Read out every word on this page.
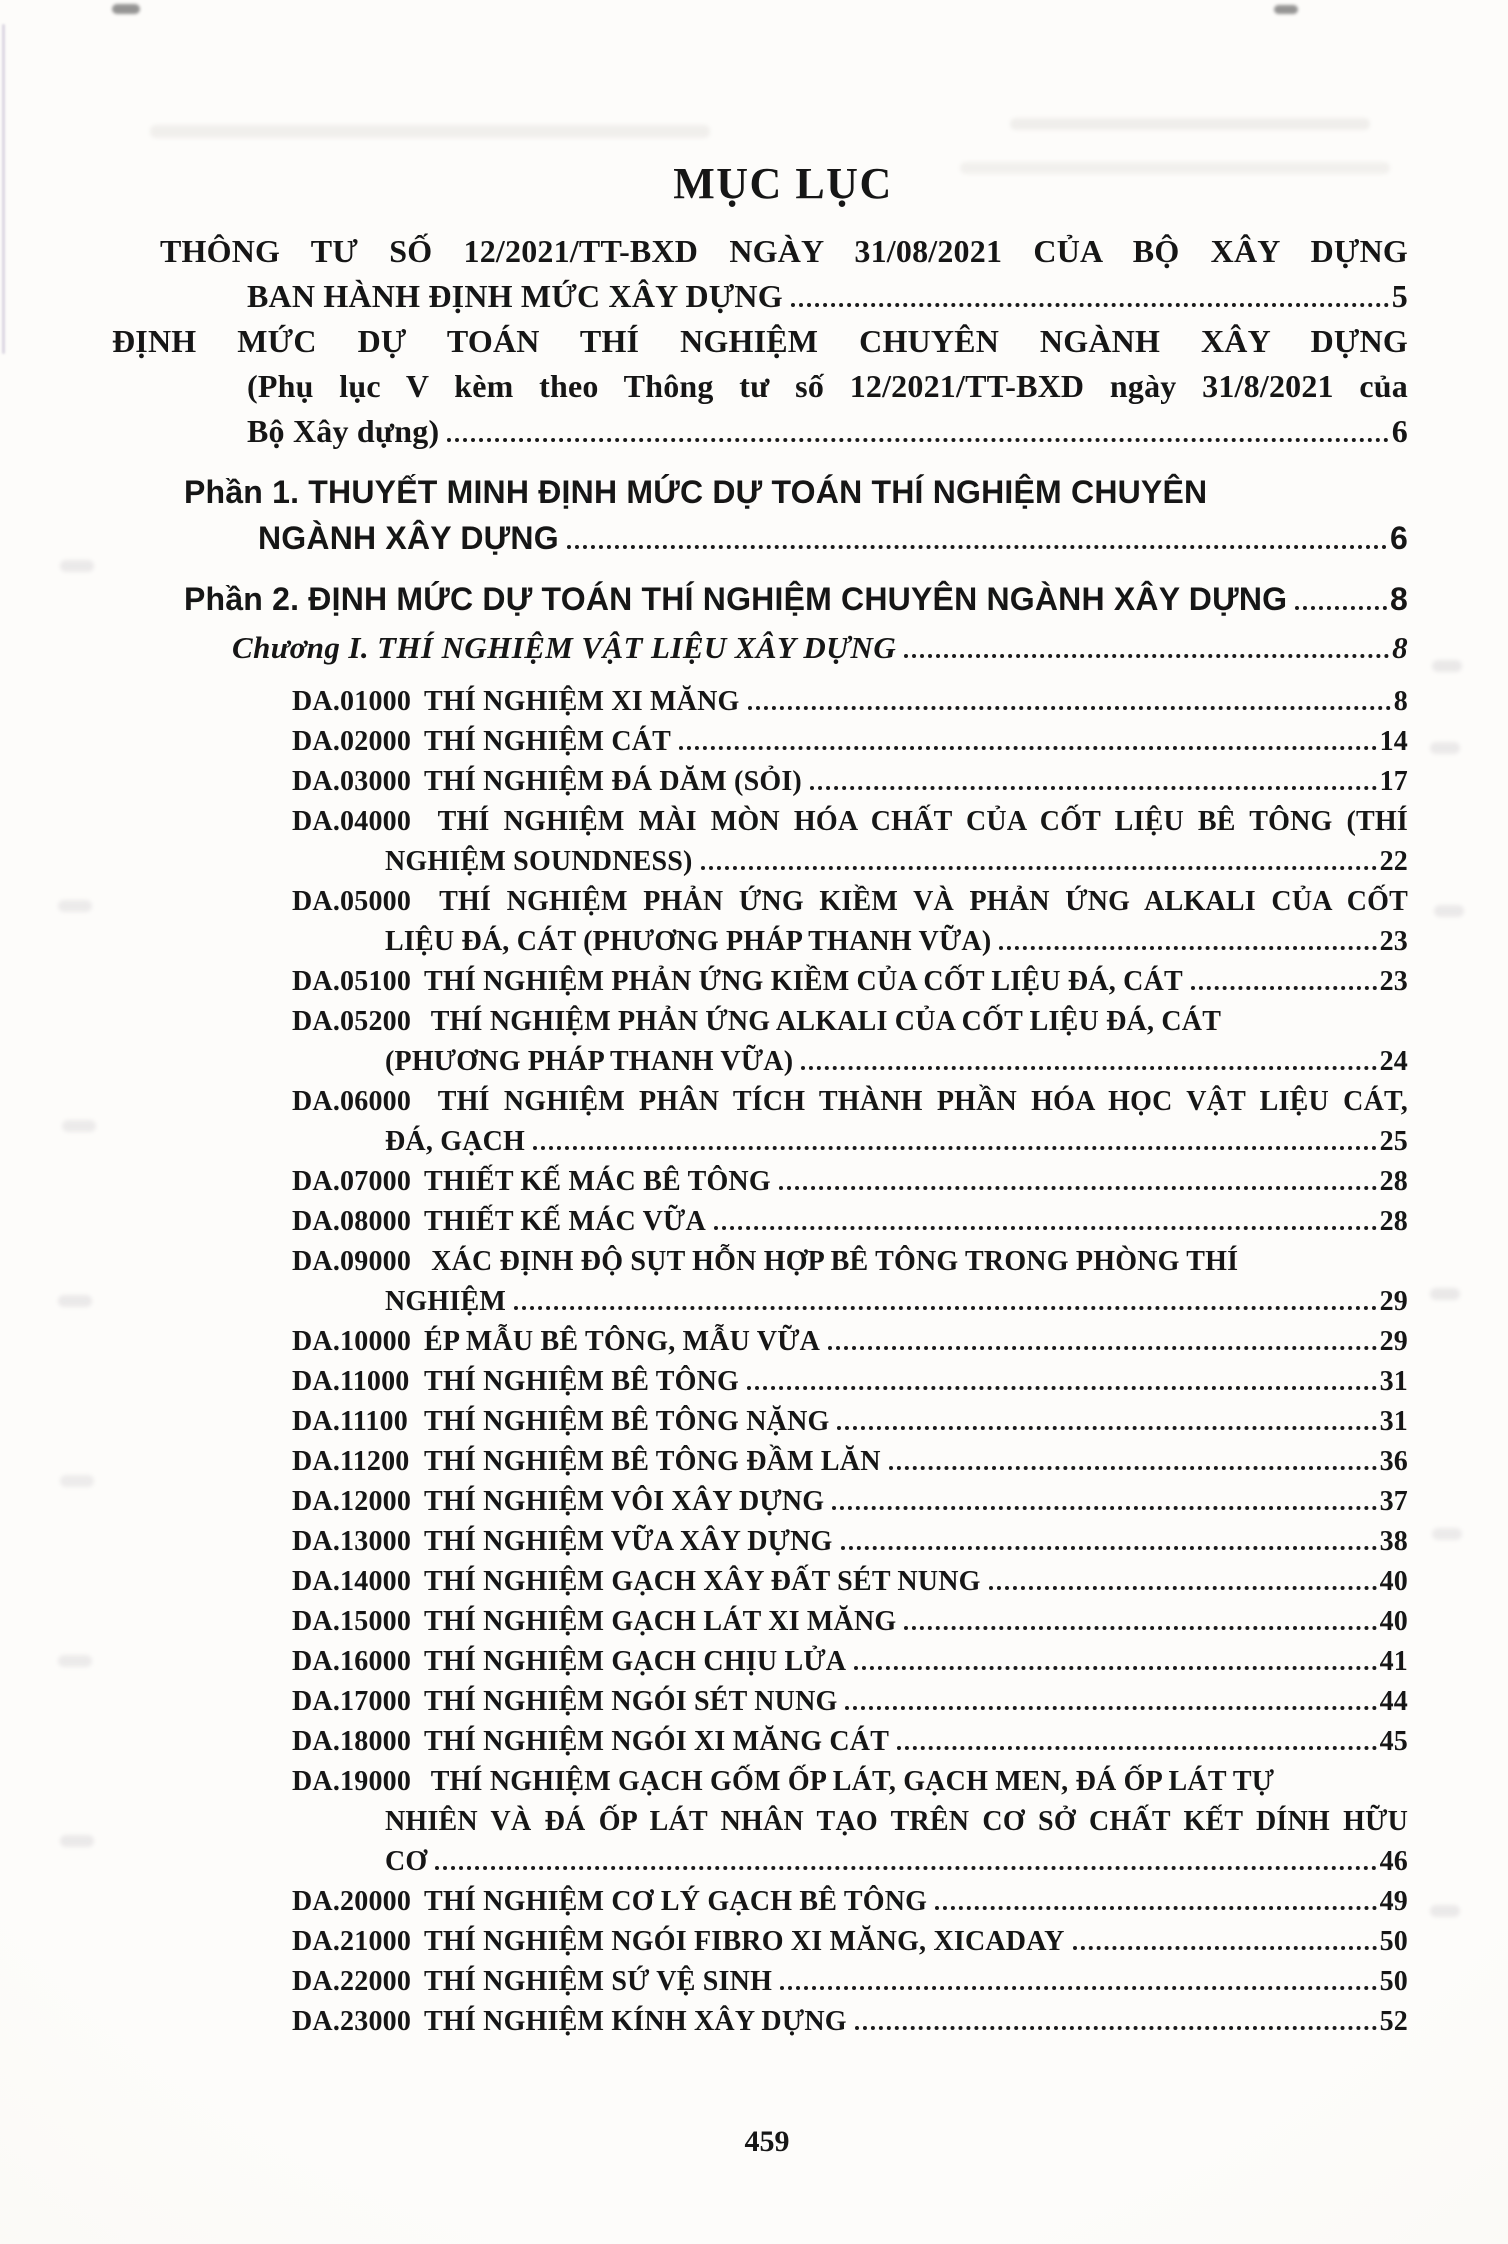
MỤC LỤC
THÔNG TƯ SỐ 12/2021/TT-BXD NGÀY 31/08/2021 CỦA BỘ XÂY DỰNG
BAN HÀNH ĐỊNH MỨC XÂY DỰNG	5
ĐỊNH MỨC DỰ TOÁN THÍ NGHIỆM CHUYÊN NGÀNH XÂY DỰNG
(Phụ lục V kèm theo Thông tư số 12/2021/TT-BXD ngày 31/8/2021 của
Bộ Xây dựng)	6
Phần 1. THUYẾT MINH ĐỊNH MỨC DỰ TOÁN THÍ NGHIỆM CHUYÊN
NGÀNH XÂY DỰNG	6
Phần 2. ĐỊNH MỨC DỰ TOÁN THÍ NGHIỆM CHUYÊN NGÀNH XÂY DỰNG	8
Chương I. THÍ NGHIỆM VẬT LIỆU XÂY DỰNG	8
DA.01000 THÍ NGHIỆM XI MĂNG	8
DA.02000 THÍ NGHIỆM CÁT	14
DA.03000 THÍ NGHIỆM ĐÁ DĂM (SỎI)	17
DA.04000 THÍ NGHIỆM MÀI MÒN HÓA CHẤT CỦA CỐT LIỆU BÊ TÔNG (THÍ
NGHIỆM SOUNDNESS)	22
DA.05000 THÍ NGHIỆM PHẢN ỨNG KIỀM VÀ PHẢN ỨNG ALKALI CỦA CỐT
LIỆU ĐÁ, CÁT (PHƯƠNG PHÁP THANH VỮA)	23
DA.05100 THÍ NGHIỆM PHẢN ỨNG KIỀM CỦA CỐT LIỆU ĐÁ, CÁT	23
DA.05200 THÍ NGHIỆM PHẢN ỨNG ALKALI CỦA CỐT LIỆU ĐÁ, CÁT
(PHƯƠNG PHÁP THANH VỮA)	24
DA.06000 THÍ NGHIỆM PHÂN TÍCH THÀNH PHẦN HÓA HỌC VẬT LIỆU CÁT,
ĐÁ, GẠCH	25
DA.07000 THIẾT KẾ MÁC BÊ TÔNG	28
DA.08000 THIẾT KẾ MÁC VỮA	28
DA.09000 XÁC ĐỊNH ĐỘ SỤT HỖN HỢP BÊ TÔNG TRONG PHÒNG THÍ
NGHIỆM	29
DA.10000 ÉP MẪU BÊ TÔNG, MẪU VỮA	29
DA.11000 THÍ NGHIỆM BÊ TÔNG	31
DA.11100 THÍ NGHIỆM BÊ TÔNG NẶNG	31
DA.11200 THÍ NGHIỆM BÊ TÔNG ĐẦM LĂN	36
DA.12000 THÍ NGHIỆM VÔI XÂY DỰNG	37
DA.13000 THÍ NGHIỆM VỮA XÂY DỰNG	38
DA.14000 THÍ NGHIỆM GẠCH XÂY ĐẤT SÉT NUNG	40
DA.15000 THÍ NGHIỆM GẠCH LÁT XI MĂNG	40
DA.16000 THÍ NGHIỆM GẠCH CHỊU LỬA	41
DA.17000 THÍ NGHIỆM NGÓI SÉT NUNG	44
DA.18000 THÍ NGHIỆM NGÓI XI MĂNG CÁT	45
DA.19000 THÍ NGHIỆM GẠCH GỐM ỐP LÁT, GẠCH MEN, ĐÁ ỐP LÁT TỰ
NHIÊN VÀ ĐÁ ỐP LÁT NHÂN TẠO TRÊN CƠ SỞ CHẤT KẾT DÍNH HỮU
CƠ	46
DA.20000 THÍ NGHIỆM CƠ LÝ GẠCH BÊ TÔNG	49
DA.21000 THÍ NGHIỆM NGÓI FIBRO XI MĂNG, XICADAY	50
DA.22000 THÍ NGHIỆM SỨ VỆ SINH	50
DA.23000 THÍ NGHIỆM KÍNH XÂY DỰNG	52
459
